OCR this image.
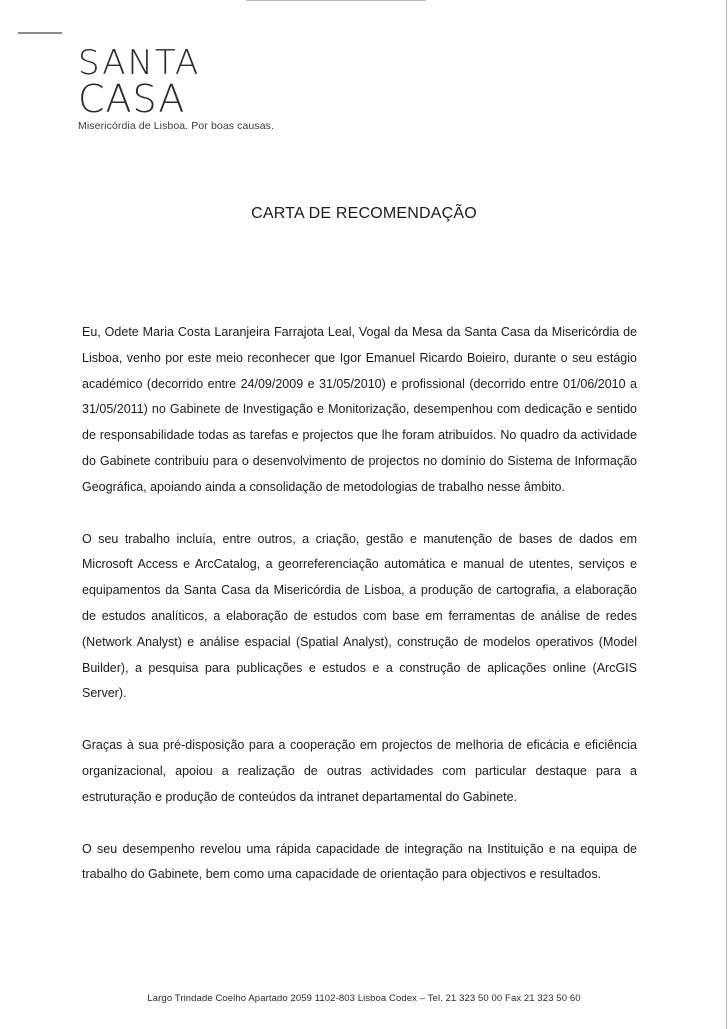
SANTA

CASA

Misericórdia de Lisboa. Por boas causas.
CARTA DE RECOMENDAÇÃO

Eu, Odete Maria Costa Laranjeira Farrajota Leal, Vogal da Mesa da Santa Casa da Misericórdia de Lisboa, venho por este meio reconhecer que Igor Emanuel Ricardo Boieiro, durante o seu estágio académico (decorrido entre 24/09/2009 e 31/05/2010) e profissional (decorrido entre 01/06/2010 a 31/05/2011) no Gabinete de Investigação e Monitorização, desempenhou com dedicação e sentido de responsabilidade todas as tarefas e projectos que lhe foram atribuídos. No quadro da actividade do Gabinete contribuiu para o desenvolvimento de projectos no domínio do Sistema de Informação Geográfica, apoiando ainda a consolidação de metodologias de trabalho nesse âmbito.

O seu trabalho incluía, entre outros, a criação, gestão e manutenção de bases de dados em Microsoft Access e ArcCatalog, a georreferenciação automática e manual de utentes, serviços e equipamentos da Santa Casa da Misericórdia de Lisboa, a produção de cartografia, a elaboração de estudos analíticos, a elaboração de estudos com base em ferramentas de análise de redes (Network Analyst) e análise espacial (Spatial Analyst), construção de modelos operativos (Model Builder), a pesquisa para publicações e estudos e a construção de aplicações online (ArcGIS Server).

Graças à sua pré-disposição para a cooperação em projectos de melhoria de eficácia e eficiência organizacional, apoiou a realização de outras actividades com particular destaque para a estruturação e produção de conteúdos da intranet departamental do Gabinete.

O seu desempenho revelou uma rápida capacidade de integração na Instituição e na equipa de trabalho do Gabinete, bem como uma capacidade de orientação para objectivos e resultados.

Largo Trindade Coelho Apartado 2059 1102-803 Lisboa Codex – Tel. 21 323 50 00 Fax 21 323 50 60
